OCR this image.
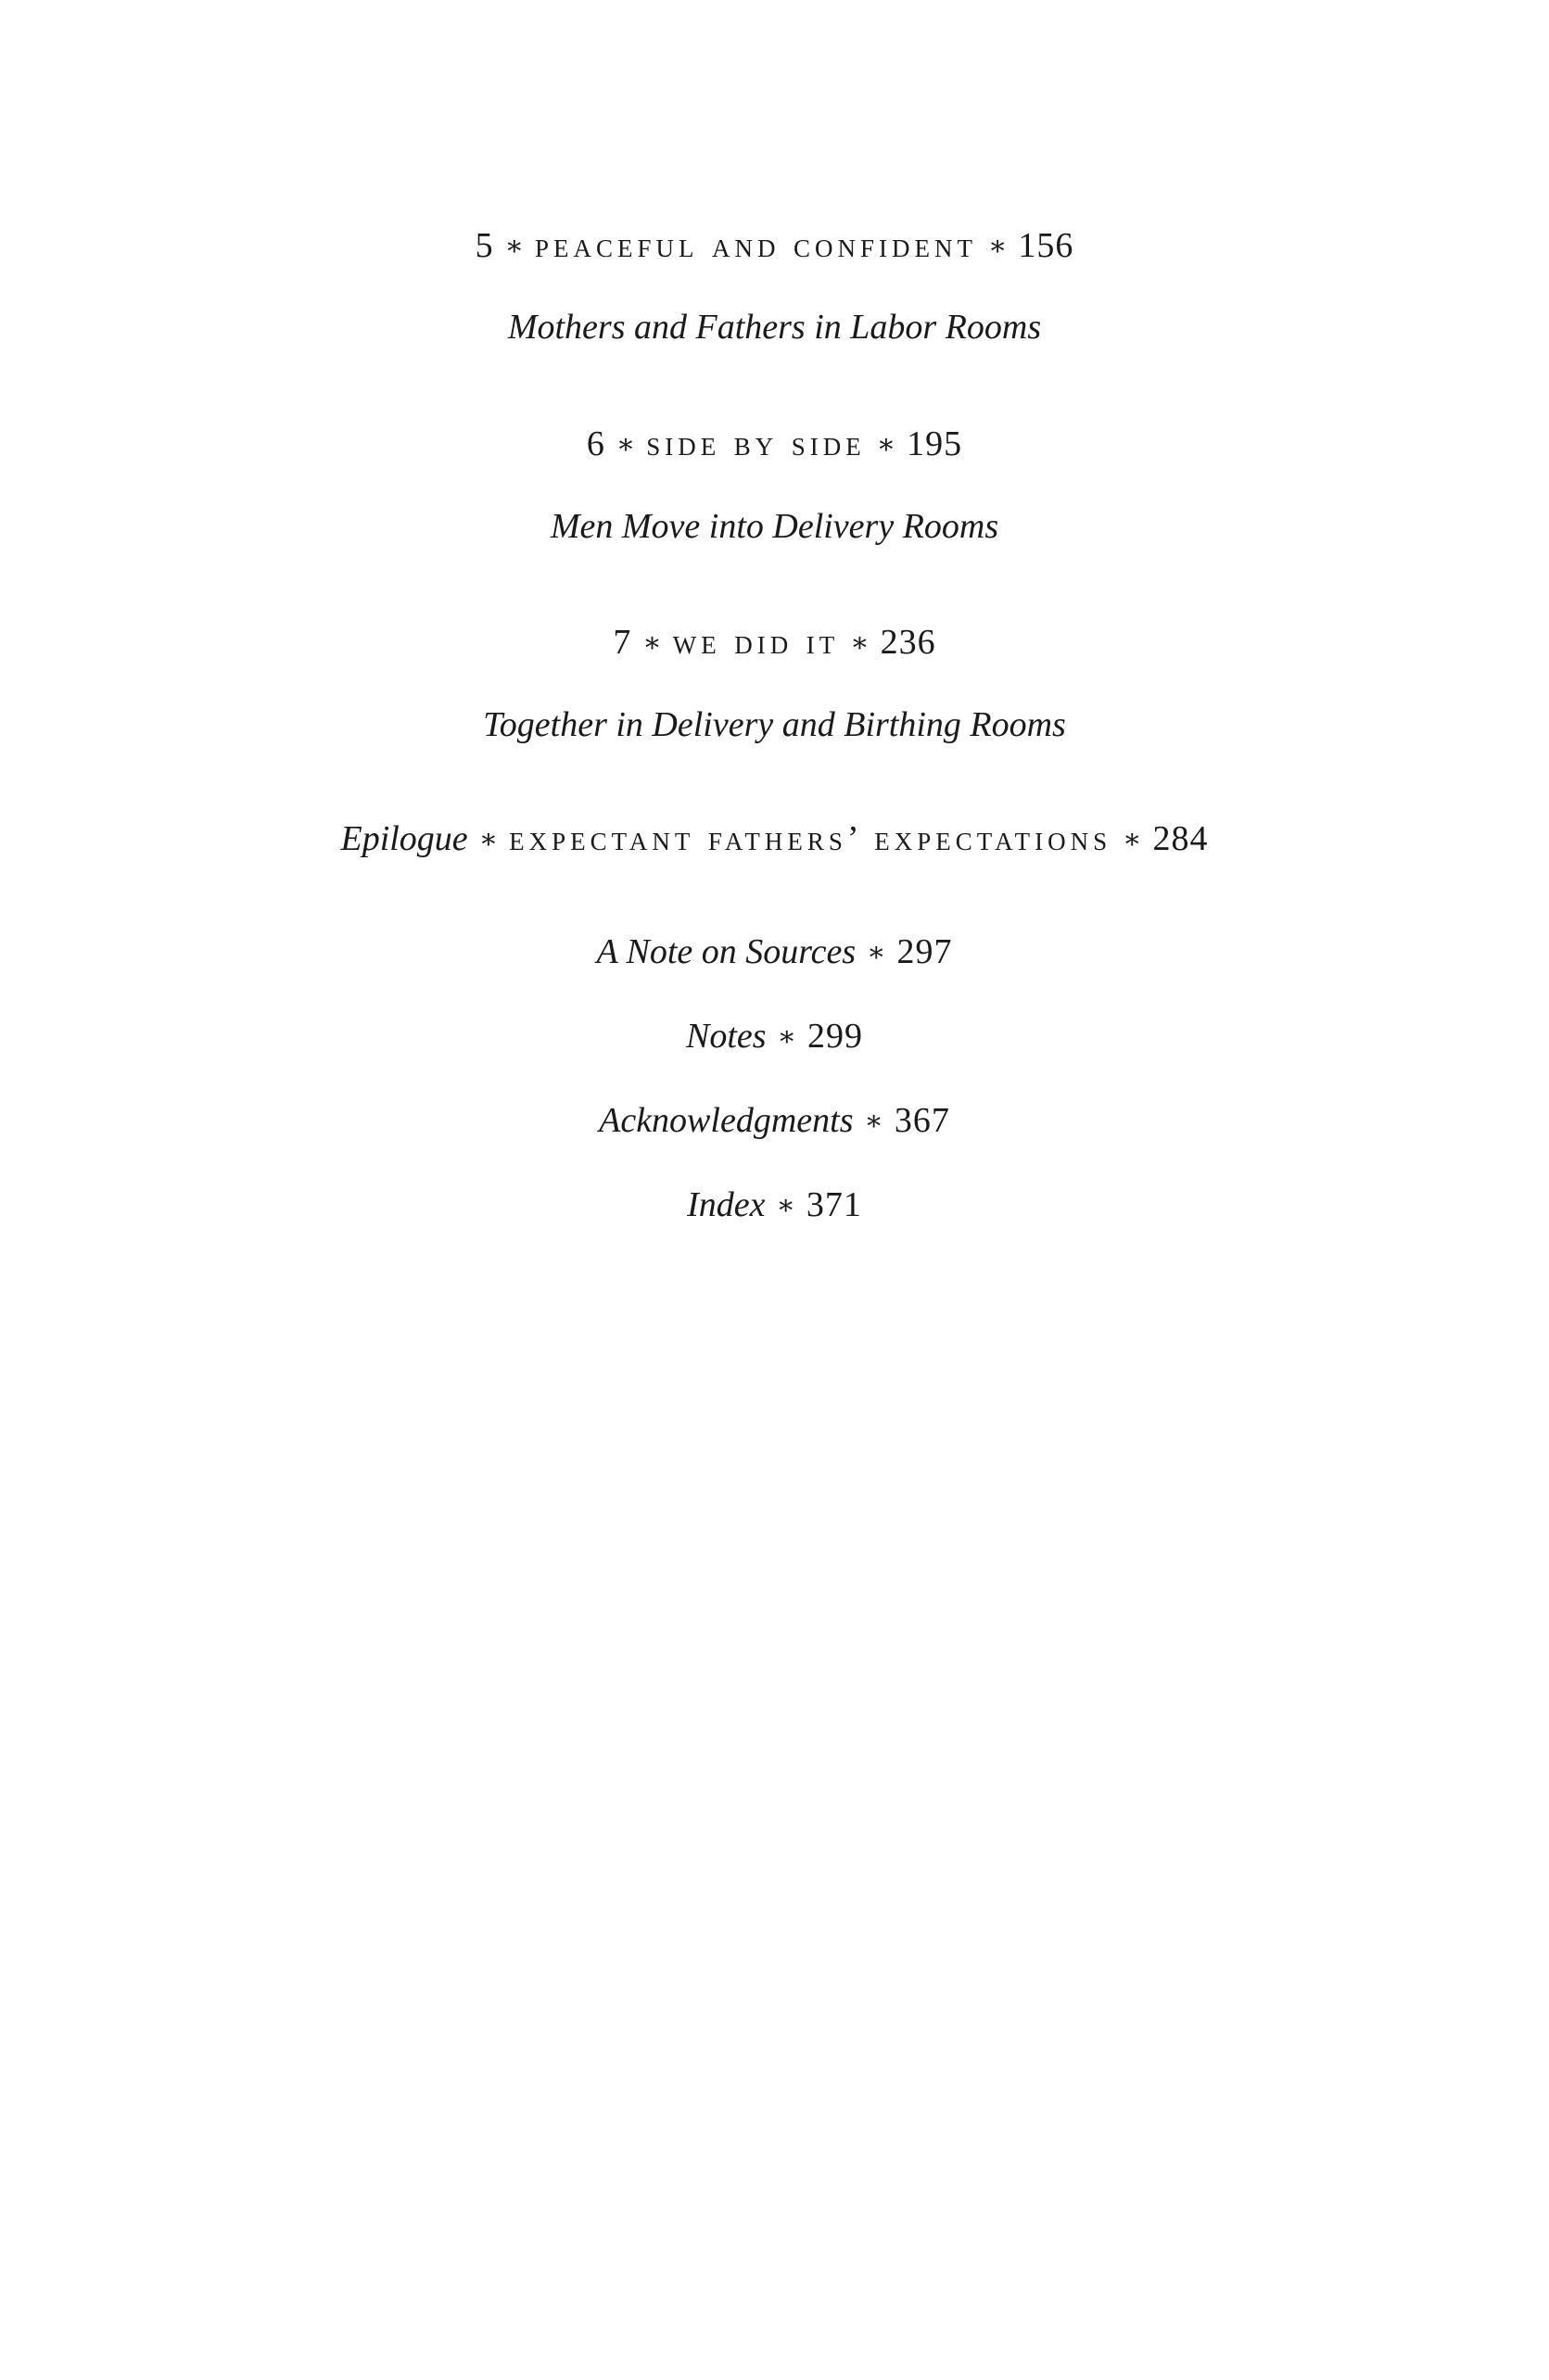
5 ∗ peaceful and confident ∗ 156
Mothers and Fathers in Labor Rooms
6 ∗ side by side ∗ 195
Men Move into Delivery Rooms
7 ∗ we did it ∗ 236
Together in Delivery and Birthing Rooms
Epilogue ∗ expectant fathers’ expectations ∗ 284
A Note on Sources ∗ 297
Notes ∗ 299
Acknowledgments ∗ 367
Index ∗ 371
